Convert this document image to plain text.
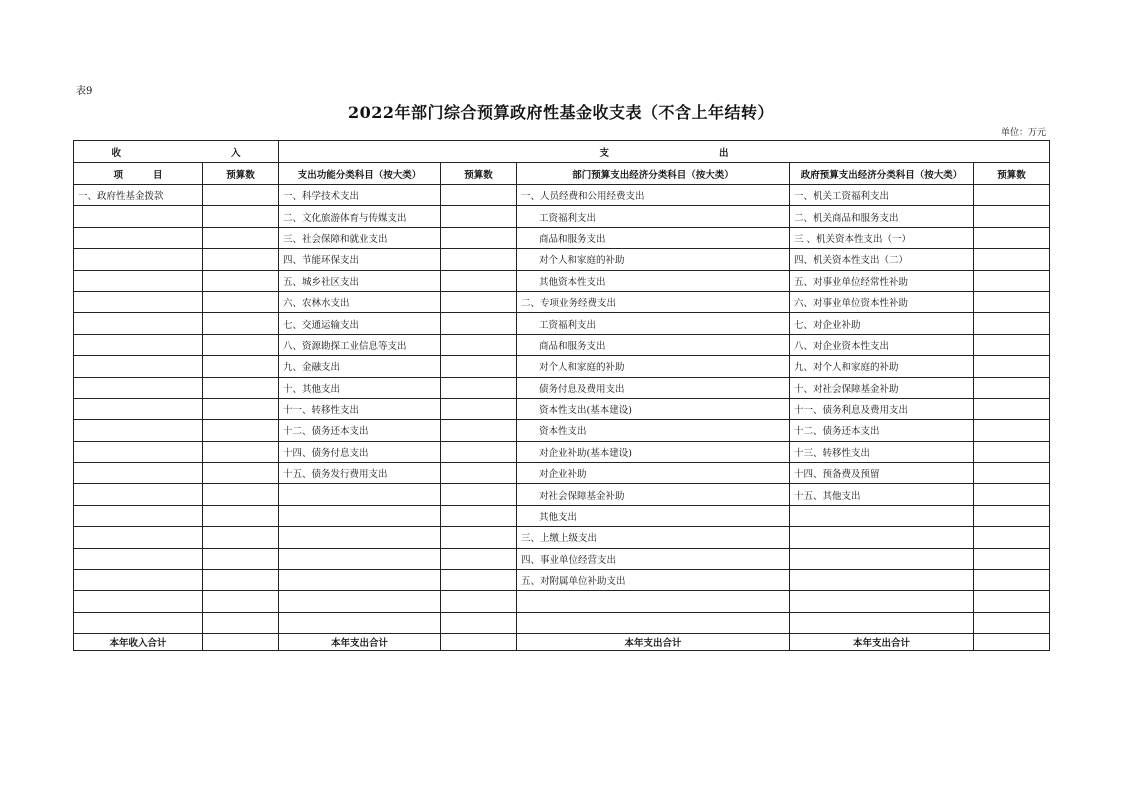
表9
2022年部门综合预算政府性基金收支表（不含上年结转）
单位：万元
收 入		支 出				
项 目	预算数	支出功能分类科目（按大类）	预算数	部门预算支出经济分类科目（按大类）	政府预算支出经济分类科目（按大类）	预算数
一、政府性基金拨款		一、科学技术支出		一、人员经费和公用经费支出	一、机关工资福利支出	
		二、文化旅游体育与传媒支出		工资福利支出	二、机关商品和服务支出	
		三、社会保障和就业支出		商品和服务支出	三 、机关资本性支出（一）	
		四、节能环保支出		对个人和家庭的补助	四、机关资本性支出（二）	
		五、城乡社区支出		其他资本性支出	五、对事业单位经常性补助	
		六、农林水支出		二、专项业务经费支出	六、对事业单位资本性补助	
		七、交通运输支出		工资福利支出	七、对企业补助	
		八、资源勘探工业信息等支出		商品和服务支出	八、对企业资本性支出	
		九、金融支出		对个人和家庭的补助	九、对个人和家庭的补助	
		十、其他支出		债务付息及费用支出	十、对社会保障基金补助	
		十一、转移性支出		资本性支出(基本建设)	十一、债务利息及费用支出	
		十二、债务还本支出		资本性支出	十二、债务还本支出	
		十四、债务付息支出		对企业补助(基本建设)	十三、转移性支出	
		十五、债务发行费用支出		对企业补助	十四、预备费及预留	
				对社会保障基金补助	十五、其他支出	
				其他支出		
				三、上缴上级支出		
				四、事业单位经营支出		
				五、对附属单位补助支出		

本年收入合计		本年支出合计		本年支出合计	本年支出合计	
